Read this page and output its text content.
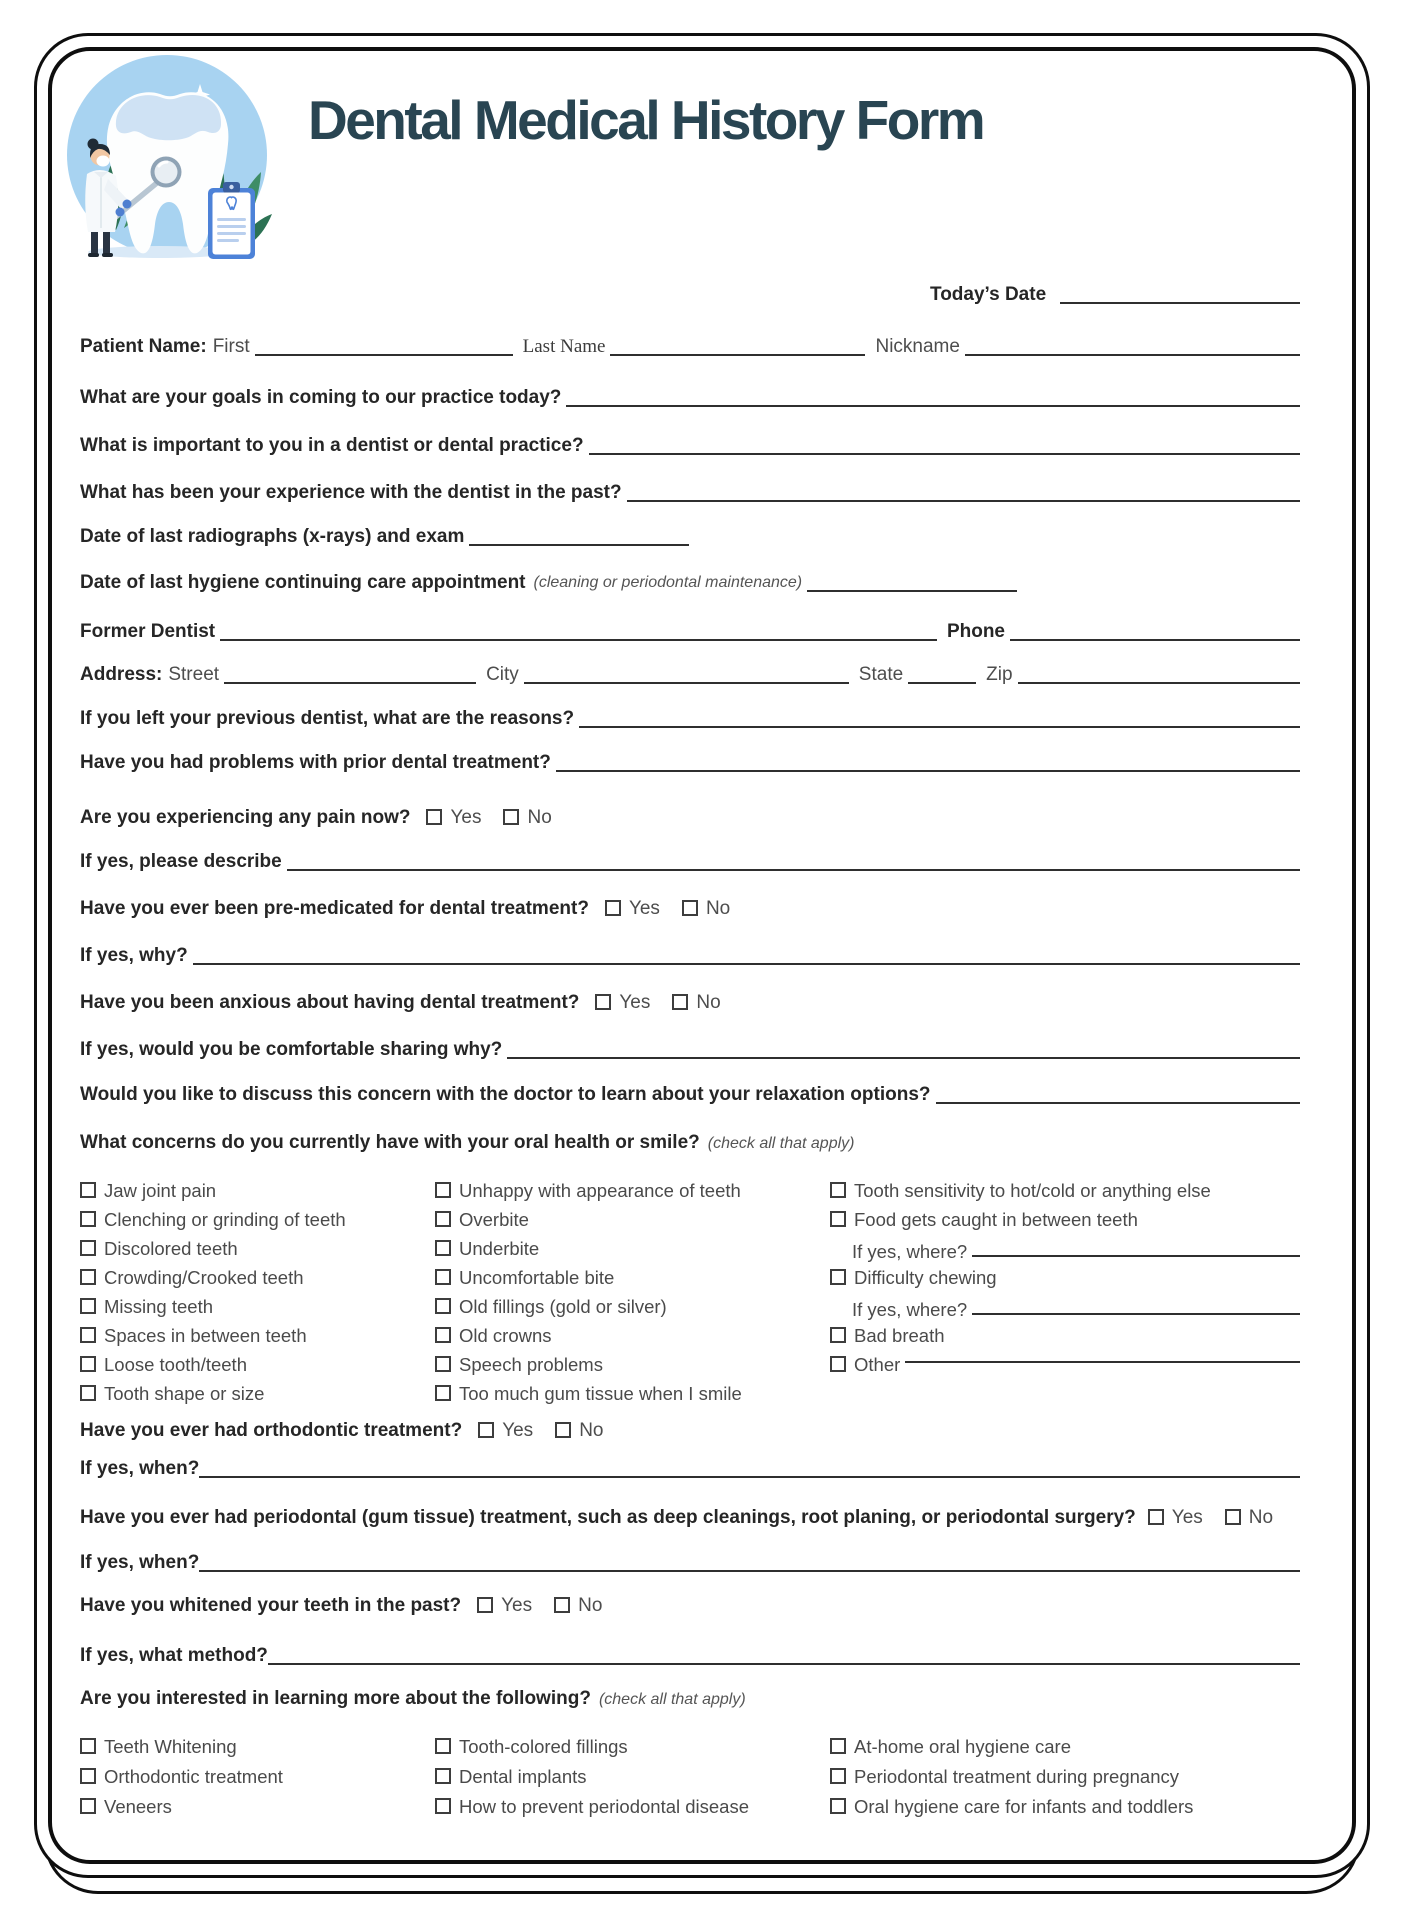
Dental Medical History Form
Today’s Date
Patient Name: First	Last Name	Nickname
What are your goals in coming to our practice today?
What is important to you in a dentist or dental practice?
What has been your experience with the dentist in the past?
Date of last radiographs (x-rays) and exam
Date of last hygiene continuing care appointment (cleaning or periodontal maintenance)
Former Dentist	Phone
Address: Street	City	State	Zip
If you left your previous dentist, what are the reasons?
Have you had problems with prior dental treatment?
Are you experiencing any pain now? Yes No
If yes, please describe
Have you ever been pre-medicated for dental treatment? Yes No
If yes, why?
Have you been anxious about having dental treatment? Yes No
If yes, would you be comfortable sharing why?
Would you like to discuss this concern with the doctor to learn about your relaxation options?
What concerns do you currently have with your oral health or smile? (check all that apply)
Jaw joint pain
Clenching or grinding of teeth
Discolored teeth
Crowding/Crooked teeth
Missing teeth
Spaces in between teeth
Loose tooth/teeth
Tooth shape or size
Unhappy with appearance of teeth
Overbite
Underbite
Uncomfortable bite
Old fillings (gold or silver)
Old crowns
Speech problems
Too much gum tissue when I smile
Tooth sensitivity to hot/cold or anything else
Food gets caught in between teeth
If yes, where?
Difficulty chewing
If yes, where?
Bad breath
Other
Have you ever had orthodontic treatment? Yes No
If yes, when?
Have you ever had periodontal (gum tissue) treatment, such as deep cleanings, root planing, or periodontal surgery? Yes No
If yes, when?
Have you whitened your teeth in the past? Yes No
If yes, what method?
Are you interested in learning more about the following? (check all that apply)
Teeth Whitening
Orthodontic treatment
Veneers
Tooth-colored fillings
Dental implants
How to prevent periodontal disease
At-home oral hygiene care
Periodontal treatment during pregnancy
Oral hygiene care for infants and toddlers
